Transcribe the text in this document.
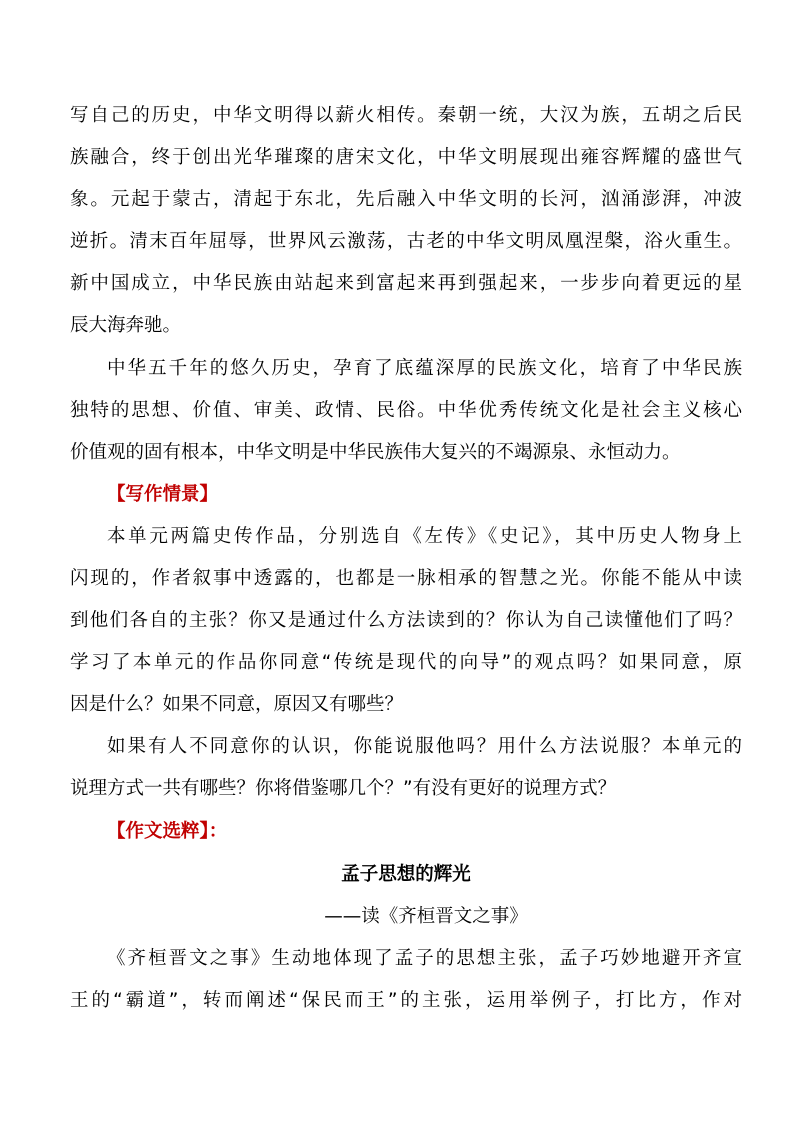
写自己的历史，中华文明得以薪火相传。秦朝一统，大汉为族，五胡之后民
族融合，终于创出光华璀璨的唐宋文化，中华文明展现出雍容辉耀的盛世气
象。元起于蒙古，清起于东北，先后融入中华文明的长河，汹涌澎湃，冲波
逆折。清末百年屈辱，世界风云激荡，古老的中华文明凤凰涅槃，浴火重生。
新中国成立，中华民族由站起来到富起来再到强起来，一步步向着更远的星
辰大海奔驰。
中华五千年的悠久历史，孕育了底蕴深厚的民族文化，培育了中华民族
独特的思想、价值、审美、政情、民俗。中华优秀传统文化是社会主义核心
价值观的固有根本，中华文明是中华民族伟大复兴的不竭源泉、永恒动力。
【写作情景】
本单元两篇史传作品，分别选自《左传》《史记》，其中历史人物身上
闪现的，作者叙事中透露的，也都是一脉相承的智慧之光。你能不能从中读
到他们各自的主张？你又是通过什么方法读到的？你认为自己读懂他们了吗？
学习了本单元的作品你同意“传统是现代的向导”的观点吗？如果同意，原
因是什么？如果不同意，原因又有哪些？
如果有人不同意你的认识，你能说服他吗？用什么方法说服？本单元的
说理方式一共有哪些？你将借鉴哪几个？”有没有更好的说理方式？
【作文选粹】：
孟子思想的辉光
——读《齐桓晋文之事》
《齐桓晋文之事》生动地体现了孟子的思想主张，孟子巧妙地避开齐宣
王的“霸道”，转而阐述“保民而王”的主张，运用举例子，打比方，作对
